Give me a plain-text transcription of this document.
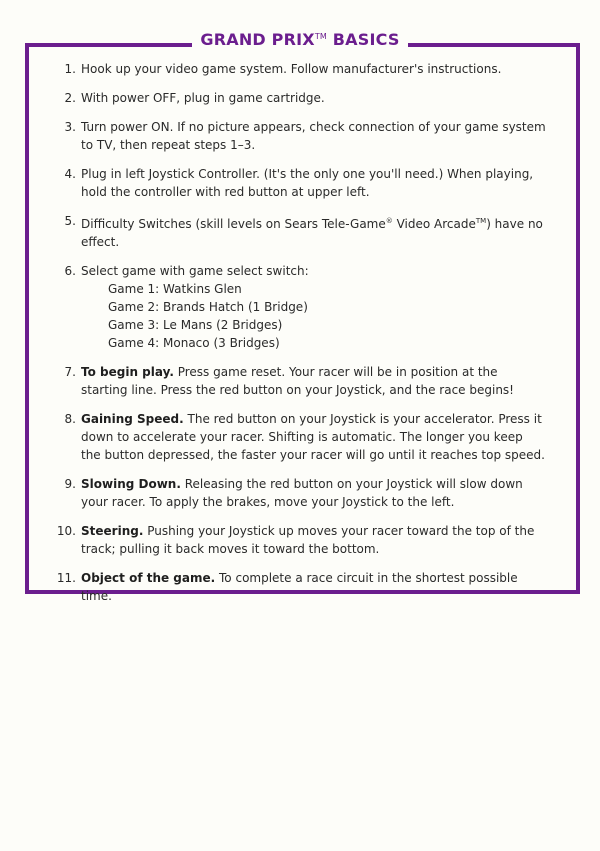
GRAND PRIX™ BASICS
1. Hook up your video game system. Follow manufacturer's instructions.
2. With power OFF, plug in game cartridge.
3. Turn power ON. If no picture appears, check connection of your game system to TV, then repeat steps 1–3.
4. Plug in left Joystick Controller. (It's the only one you'll need.) When playing, hold the controller with red button at upper left.
5. Difficulty Switches (skill levels on Sears Tele-Game® Video Arcade™) have no effect.
6. Select game with game select switch:
Game 1: Watkins Glen
Game 2: Brands Hatch (1 Bridge)
Game 3: Le Mans (2 Bridges)
Game 4: Monaco (3 Bridges)
7. To begin play. Press game reset. Your racer will be in position at the starting line. Press the red button on your Joystick, and the race begins!
8. Gaining Speed. The red button on your Joystick is your accelerator. Press it down to accelerate your racer. Shifting is automatic. The longer you keep the button depressed, the faster your racer will go until it reaches top speed.
9. Slowing Down. Releasing the red button on your Joystick will slow down your racer. To apply the brakes, move your Joystick to the left.
10. Steering. Pushing your Joystick up moves your racer toward the top of the track; pulling it back moves it toward the bottom.
11. Object of the game. To complete a race circuit in the shortest possible time.
